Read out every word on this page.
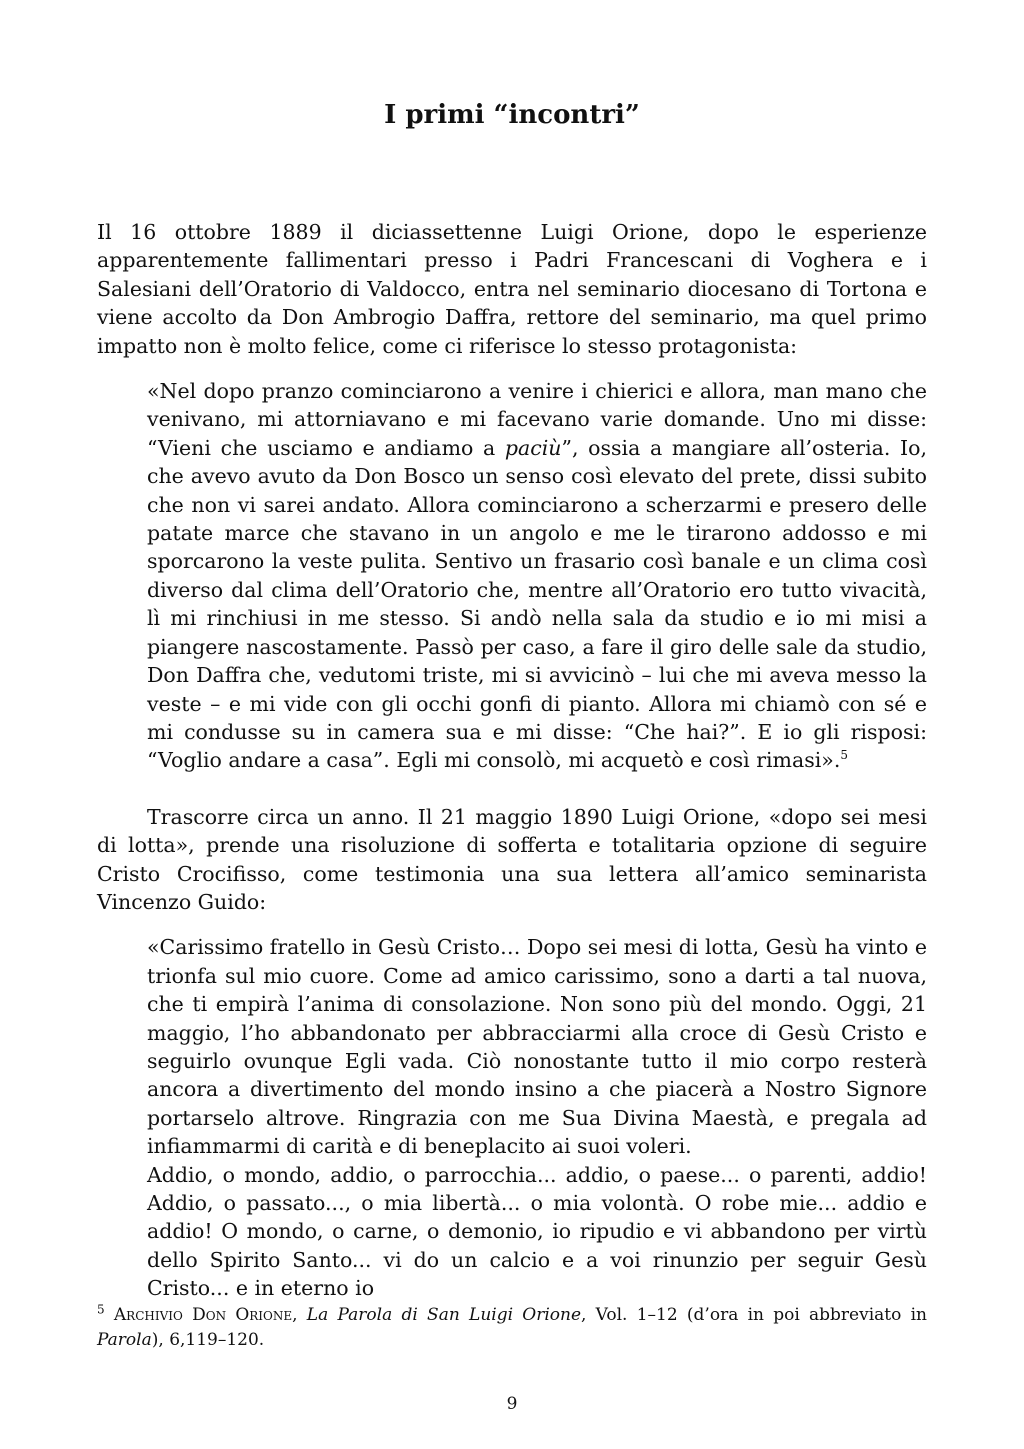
I primi “incontri”

Il 16 ottobre 1889 il diciassettenne Luigi Orione, dopo le esperienze apparentemente fallimentari presso i Padri Francescani di Voghera e i Salesiani dell’Oratorio di Valdocco, entra nel seminario diocesano di Tortona e viene accolto da Don Ambrogio Daffra, rettore del seminario, ma quel primo impatto non è molto felice, come ci riferisce lo stesso protagonista:

«Nel dopo pranzo cominciarono a venire i chierici e allora, man mano che venivano, mi attorniavano e mi facevano varie domande. Uno mi disse: “Vieni che usciamo e andiamo a paciù”, ossia a mangiare all’osteria. Io, che avevo avuto da Don Bosco un senso così elevato del prete, dissi subito che non vi sarei andato. Allora cominciarono a scherzarmi e presero delle patate marce che stavano in un angolo e me le tirarono addosso e mi sporcarono la veste pulita. Sentivo un frasario così banale e un clima così diverso dal clima dell’Oratorio che, mentre all’Oratorio ero tutto vivacità, lì mi rinchiusi in me stesso. Si andò nella sala da studio e io mi misi a piangere nascostamente. Passò per caso, a fare il giro delle sale da studio, Don Daffra che, vedutomi triste, mi si avvicinò – lui che mi aveva messo la veste – e mi vide con gli occhi gonfi di pianto. Allora mi chiamò con sé e mi condusse su in camera sua e mi disse: “Che hai?”. E io gli risposi: “Voglio andare a casa”. Egli mi consolò, mi acquetò e così rimasi».$^5$

Trascorre circa un anno. Il 21 maggio 1890 Luigi Orione, «dopo sei mesi di lotta», prende una risoluzione di sofferta e totalitaria opzione di seguire Cristo Crocifisso, come testimonia una sua lettera all’amico seminarista Vincenzo Guido:

«Carissimo fratello in Gesù Cristo… Dopo sei mesi di lotta, Gesù ha vinto e trionfa sul mio cuore. Come ad amico carissimo, sono a darti a tal nuova, che ti empirà l’anima di consolazione. Non sono più del mondo. Oggi, 21 maggio, l’ho abbandonato per abbracciarmi alla croce di Gesù Cristo e seguirlo ovunque Egli vada. Ciò nonostante tutto il mio corpo resterà ancora a divertimento del mondo insino a che piacerà a Nostro Signore portarselo altrove. Ringrazia con me Sua Divina Maestà, e pregala ad infiammarmi di carità e di beneplacito ai suoi voleri.

Addio, o mondo, addio, o parrocchia... addio, o paese... o parenti, addio! Addio, o passato..., o mia libertà... o mia volontà. O robe mie... addio e addio! O mondo, o carne, o demonio, io ripudio e vi abbandono per virtù dello Spirito Santo... vi do un calcio e a voi rinunzio per seguir Gesù Cristo... e in eterno io

$^5$ Archivio Don Orione, La Parola di San Luigi Orione, Vol. 1–12 (d’ora in poi abbreviato in Parola), 6,119–120.
9
